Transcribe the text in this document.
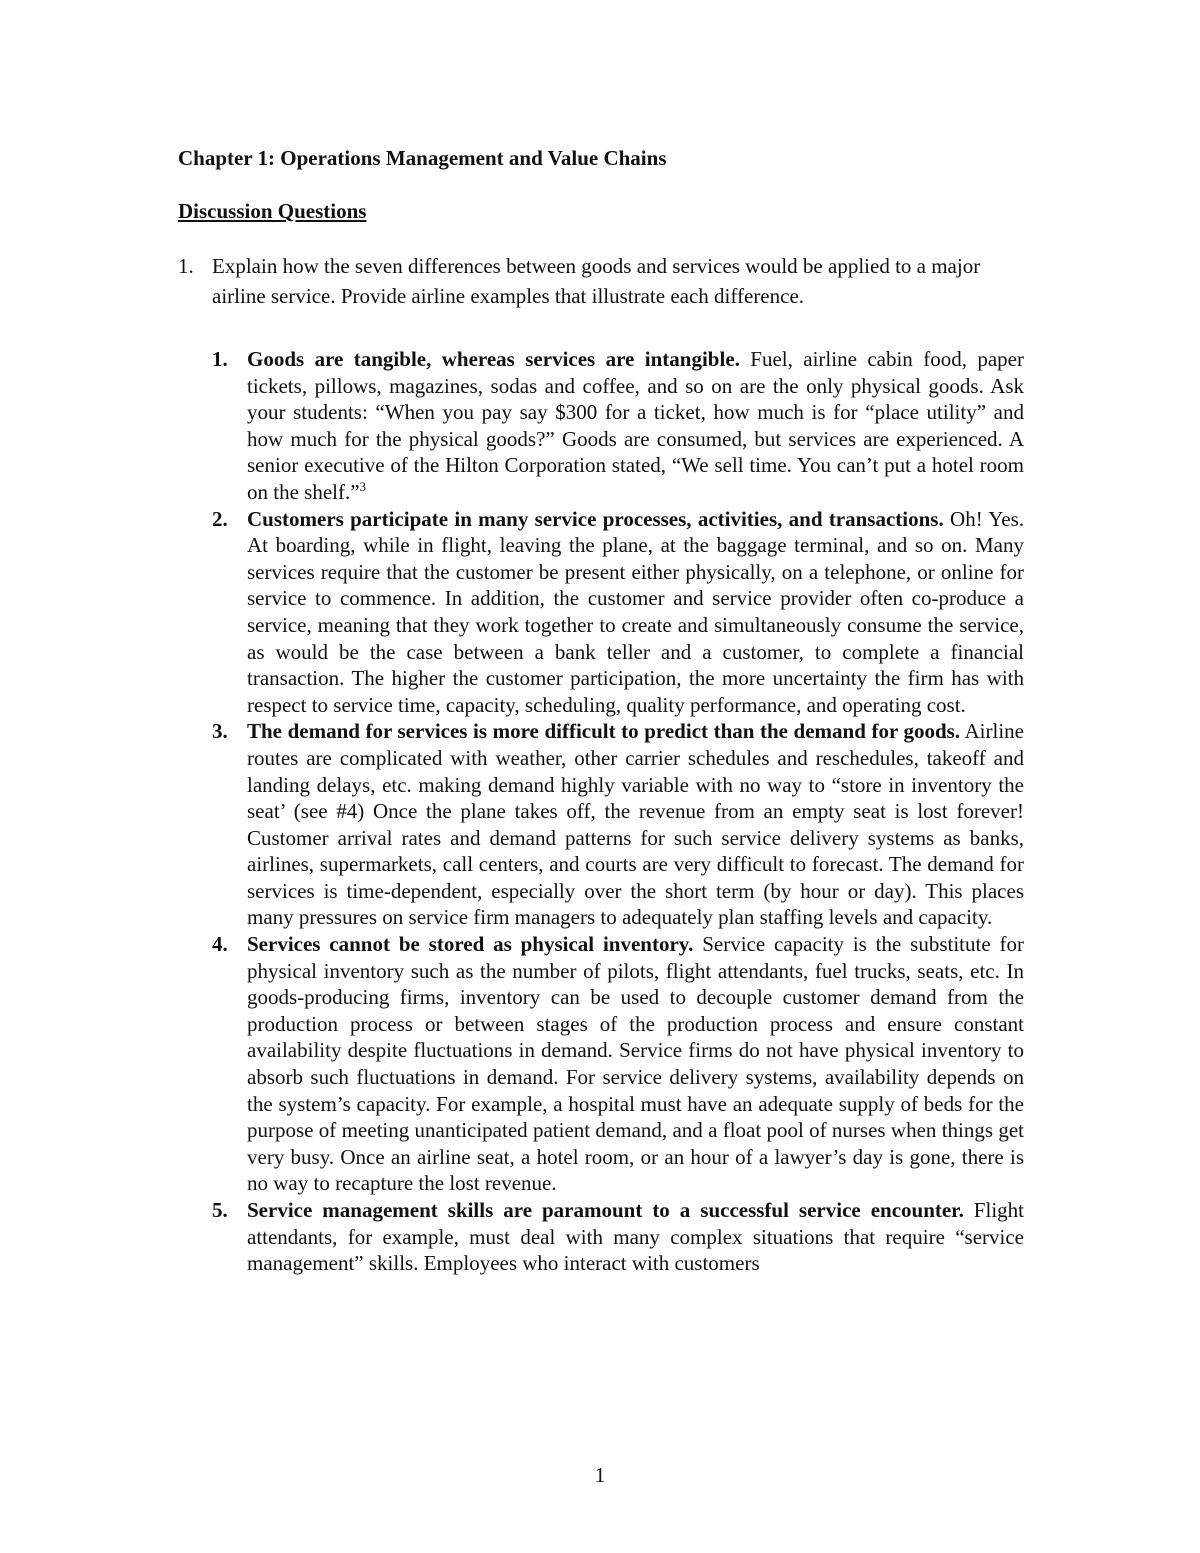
Chapter 1: Operations Management and Value Chains
Discussion Questions
1. Explain how the seven differences between goods and services would be applied to a major airline service. Provide airline examples that illustrate each difference.

1. Goods are tangible, whereas services are intangible. Fuel, airline cabin food, paper tickets, pillows, magazines, sodas and coffee, and so on are the only physical goods. Ask your students: “When you pay say $300 for a ticket, how much is for “place utility” and how much for the physical goods?” Goods are consumed, but services are experienced. A senior executive of the Hilton Corporation stated, “We sell time. You can’t put a hotel room on the shelf.”$^3$

2. Customers participate in many service processes, activities, and transactions. Oh! Yes. At boarding, while in flight, leaving the plane, at the baggage terminal, and so on. Many services require that the customer be present either physically, on a telephone, or online for service to commence. In addition, the customer and service provider often co-produce a service, meaning that they work together to create and simultaneously consume the service, as would be the case between a bank teller and a customer, to complete a financial transaction. The higher the customer participation, the more uncertainty the firm has with respect to service time, capacity, scheduling, quality performance, and operating cost.

3. The demand for services is more difficult to predict than the demand for goods. Airline routes are complicated with weather, other carrier schedules and reschedules, takeoff and landing delays, etc. making demand highly variable with no way to “store in inventory the seat’ (see #4) Once the plane takes off, the revenue from an empty seat is lost forever! Customer arrival rates and demand patterns for such service delivery systems as banks, airlines, supermarkets, call centers, and courts are very difficult to forecast. The demand for services is time-dependent, especially over the short term (by hour or day). This places many pressures on service firm managers to adequately plan staffing levels and capacity.

4. Services cannot be stored as physical inventory. Service capacity is the substitute for physical inventory such as the number of pilots, flight attendants, fuel trucks, seats, etc. In goods-producing firms, inventory can be used to decouple customer demand from the production process or between stages of the production process and ensure constant availability despite fluctuations in demand. Service firms do not have physical inventory to absorb such fluctuations in demand. For service delivery systems, availability depends on the system’s capacity. For example, a hospital must have an adequate supply of beds for the purpose of meeting unanticipated patient demand, and a float pool of nurses when things get very busy. Once an airline seat, a hotel room, or an hour of a lawyer’s day is gone, there is no way to recapture the lost revenue.

5. Service management skills are paramount to a successful service encounter. Flight attendants, for example, must deal with many complex situations that require “service management” skills. Employees who interact with customers

1
